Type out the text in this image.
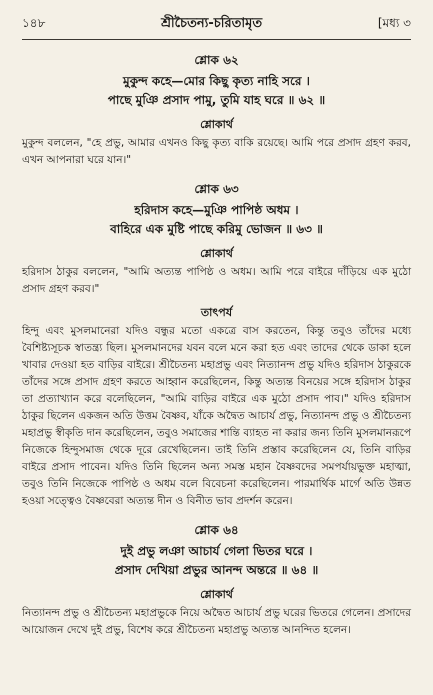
১৪৮	শ্রীচৈতন্য-চরিতামৃত	[মধ্য ৩
শ্লোক ৬২
মুকুন্দ কহে—মোর কিছু কৃত্য নাহি সরে ।
পাছে মুঞি প্রসাদ পামু, তুমি যাহ ঘরে ॥ ৬২ ॥
শ্লোকার্থ
মুকুন্দ বললেন, "হে প্রভু, আমার এখনও কিছু কৃত্য বাকি রয়েছে। আমি পরে প্রসাদ গ্রহণ করব, এখন আপনারা ঘরে যান।"
শ্লোক ৬৩
হরিদাস কহে—মুঞি পাপিষ্ঠ অধম ।
বাহিরে এক মুষ্টি পাছে করিমু ভোজন ॥ ৬৩ ॥
শ্লোকার্থ
হরিদাস ঠাকুর বললেন, "আমি অত্যন্ত পাপিষ্ঠ ও অধম। আমি পরে বাইরে দাঁড়িয়ে এক মুঠো প্রসাদ গ্রহণ করব।"
তাৎপর্য
হিন্দু এবং মুসলমানেরা যদিও বন্ধুর মতো একত্রে বাস করতেন, কিন্তু তবুও তাঁদের মধ্যে বৈশিষ্ট্যসূচক স্বাতন্ত্র্য ছিল। মুসলমানদের যবন বলে মনে করা হত এবং তাদের থেকে ডাকা হলে খাবার দেওয়া হত বাড়ির বাইরে। শ্রীচৈতন্য মহাপ্রভু এবং নিত্যানন্দ প্রভু যদিও হরিদাস ঠাকুরকে তাঁদের সঙ্গে প্রসাদ গ্রহণ করতে আহ্বান করেছিলেন, কিন্তু অত্যন্ত বিনয়ের সঙ্গে হরিদাস ঠাকুর তা প্রত্যাখ্যান করে বলেছিলেন, "আমি বাড়ির বাইরে এক মুঠো প্রসাদ পাব।" যদিও হরিদাস ঠাকুর ছিলেন একজন অতি উত্তম বৈষ্ণব, যাঁকে অদ্বৈত আচার্য প্রভু, নিত্যানন্দ প্রভু ও শ্রীচৈতন্য মহাপ্রভু স্বীকৃতি দান করেছিলেন, তবুও সমাজের শান্তি ব্যাহত না করার জন্য তিনি মুসলমানরূপে নিজেকে হিন্দুসমাজ থেকে দূরে রেখেছিলেন। তাই তিনি প্রস্তাব করেছিলেন যে, তিনি বাড়ির বাইরে প্রসাদ পাবেন। যদিও তিনি ছিলেন অন্য সমস্ত মহান বৈষ্ণবদের সমপর্যায়ভুক্ত মহাত্মা, তবুও তিনি নিজেকে পাপিষ্ঠ ও অধম বলে বিবেচনা করেছিলেন। পারমার্থিক মার্গে অতি উন্নত হওয়া সত্ত্বেও বৈষ্ণবেরা অত্যন্ত দীন ও বিনীত ভাব প্রদর্শন করেন।
শ্লোক ৬৪
দুই প্রভু লঞা আচার্য গেলা ভিতর ঘরে ।
প্রসাদ দেখিয়া প্রভুর আনন্দ অন্তরে ॥ ৬৪ ॥
শ্লোকার্থ
নিত্যানন্দ প্রভু ও শ্রীচৈতন্য মহাপ্রভুকে নিয়ে অদ্বৈত আচার্য প্রভু ঘরের ভিতরে গেলেন। প্রসাদের আয়োজন দেখে দুই প্রভু, বিশেষ করে শ্রীচৈতন্য মহাপ্রভু অত্যন্ত আনন্দিত হলেন।
